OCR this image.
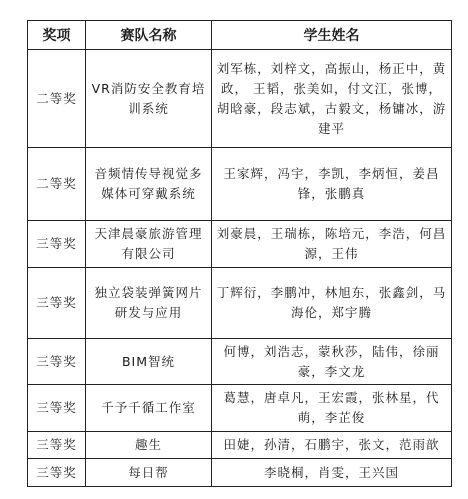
奖项	赛队名称	学生姓名
二等奖	VR消防安全教育培训系统	刘军栋，刘梓文，高振山，杨正中，黄政， 王韬，张美如，付文江，张博，胡晗豪，段志斌，古毅文，杨镛冰，游建平
二等奖	音频情传导视觉多媒体可穿戴系统	王家辉，冯宇，李凯，李炳恒，姜昌锋，张鹏真
三等奖	天津晨豪旅游管理有限公司	刘豪晨，王瑞栋，陈培元，李浩，何昌源，王伟
三等奖	独立袋装弹簧网片研发与应用	丁辉衍，李鹏冲，林旭东，张鑫剑，马海伦，郑宇腾
三等奖	BIM智统	何博，刘浩志，蒙秋莎，陆伟，徐丽豪，李文龙
三等奖	千予千循工作室	葛慧，唐卓凡，王宏霞，张林星，代萌，李芷俊
三等奖	趣生	田婕，孙清，石鹏宇，张文，范雨歆
三等奖	每日帮	李晓桐，肖雯，王兴国
